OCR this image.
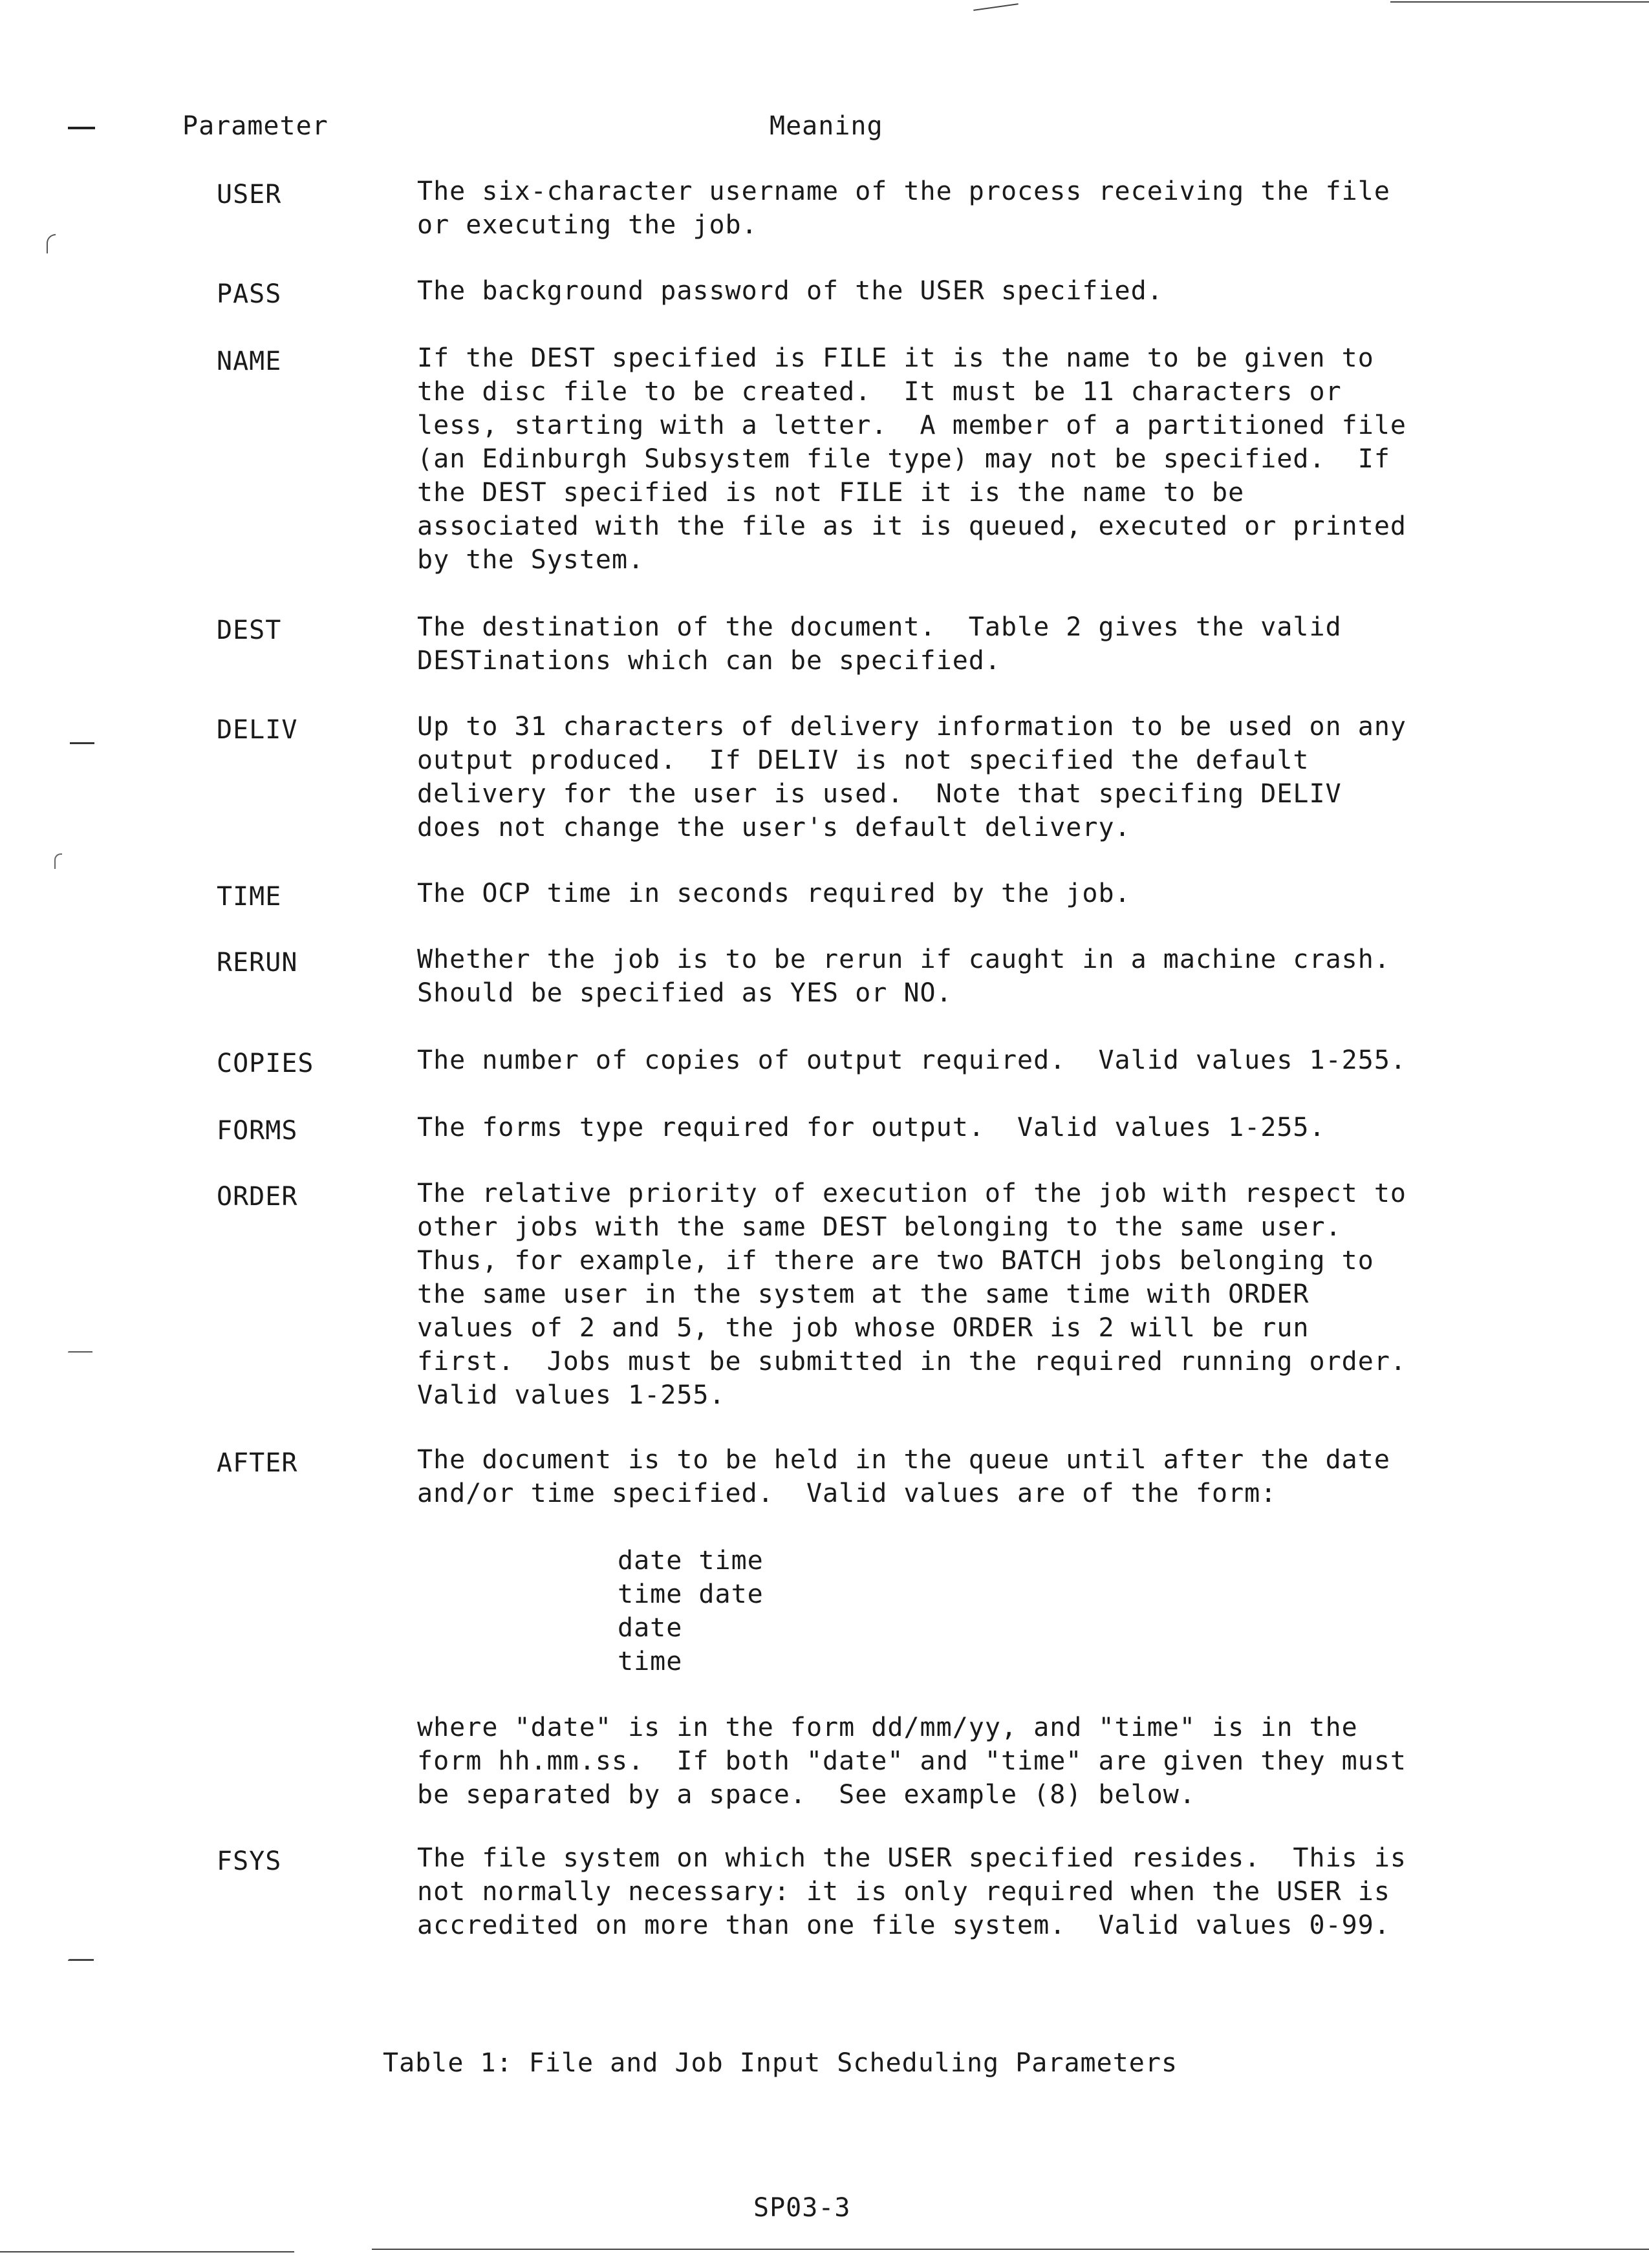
Parameter	Meaning
USER	The six-character username of the process receiving the file
or executing the job.
PASS	The background password of the USER specified.
NAME	If the DEST specified is FILE it is the name to be given to
the disc file to be created.  It must be 11 characters or
less, starting with a letter.  A member of a partitioned file
(an Edinburgh Subsystem file type) may not be specified.  If
the DEST specified is not FILE it is the name to be
associated with the file as it is queued, executed or printed
by the System.
DEST	The destination of the document.  Table 2 gives the valid
DESTinations which can be specified.
DELIV	Up to 31 characters of delivery information to be used on any
output produced.  If DELIV is not specified the default
delivery for the user is used.  Note that specifing DELIV
does not change the user's default delivery.
TIME	The OCP time in seconds required by the job.
RERUN	Whether the job is to be rerun if caught in a machine crash.
Should be specified as YES or NO.
COPIES	The number of copies of output required.  Valid values 1-255.
FORMS	The forms type required for output.  Valid values 1-255.
ORDER	The relative priority of execution of the job with respect to
other jobs with the same DEST belonging to the same user.
Thus, for example, if there are two BATCH jobs belonging to
the same user in the system at the same time with ORDER
values of 2 and 5, the job whose ORDER is 2 will be run
first.  Jobs must be submitted in the required running order.
Valid values 1-255.
AFTER	The document is to be held in the queue until after the date
and/or time specified.  Valid values are of the form:
date time
time date
date
time
where "date" is in the form dd/mm/yy, and "time" is in the
form hh.mm.ss.  If both "date" and "time" are given they must
be separated by a space.  See example (8) below.
FSYS	The file system on which the USER specified resides.  This is
not normally necessary: it is only required when the USER is
accredited on more than one file system.  Valid values 0-99.
Table 1: File and Job Input Scheduling Parameters
SP03-3
